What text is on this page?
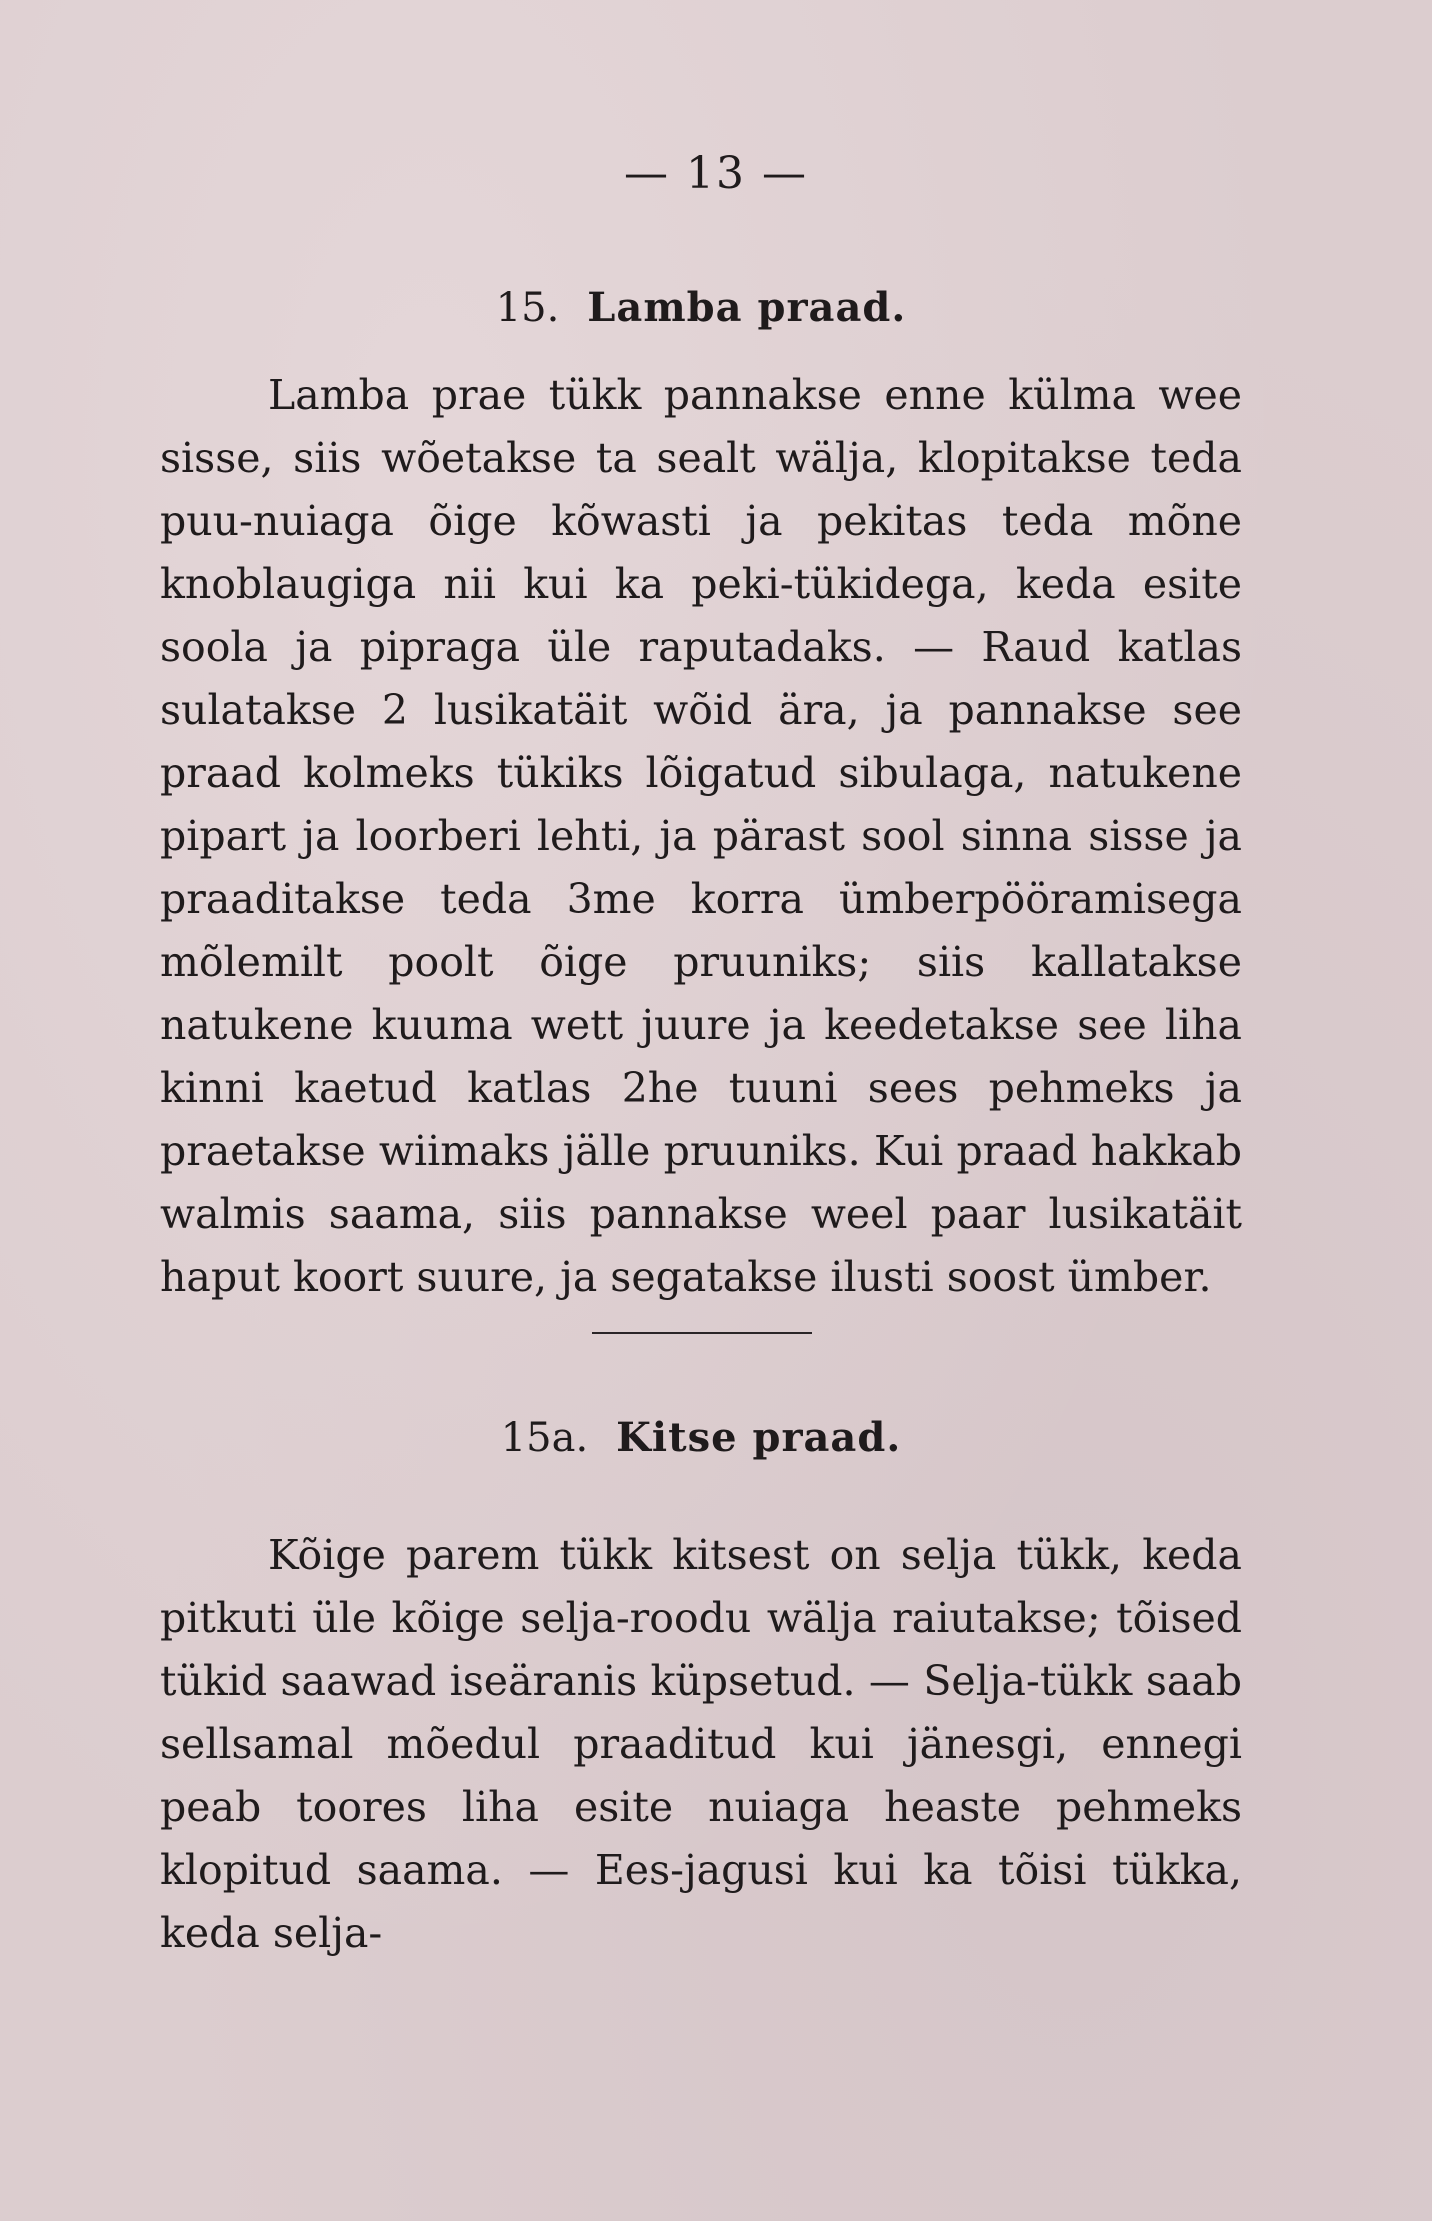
— 13 —
15. Lamba praad.

Lamba prae tükk pannakse enne külma wee sisse, siis wõetakse ta sealt wälja, klopitakse teda puu-nuiaga õige kõwasti ja pekitas teda mõne knoblaugiga nii kui ka peki-tükidega, keda esite soola ja pipraga üle raputadaks. — Raud katlas sulatakse 2 lusikatäit wõid ära, ja pannakse see praad kolmeks tükiks lõigatud sibulaga, natukene pipart ja loorberi lehti, ja pärast sool sinna sisse ja praaditakse teda 3me korra ümberpööramisega mõlemilt poolt õige pruuniks; siis kallatakse natukene kuuma wett juure ja keedetakse see liha kinni kaetud katlas 2he tuuni sees pehmeks ja praetakse wiimaks jälle pruuniks. Kui praad hakkab walmis saama, siis pannakse weel paar lusikatäit haput koort suure, ja segatakse ilusti soost ümber.

15a. Kitse praad.

Kõige parem tükk kitsest on selja tükk, keda pitkuti üle kõige selja-roodu wälja raiutakse; tõised tükid saawad iseäranis küpsetud. — Selja-tükk saab sellsamal mõedul praaditud kui jänesgi, ennegi peab toores liha esite nuiaga heaste pehmeks klopitud saama. — Ees-jagusi kui ka tõisi tükka, keda selja-
